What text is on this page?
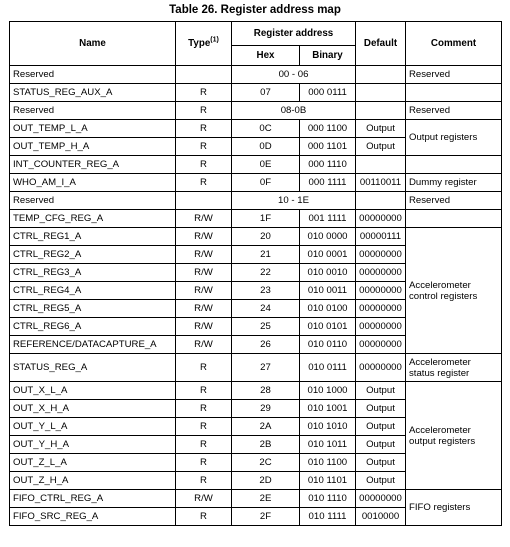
Table 26. Register address map
Name	Type$^{(1)}$	Register address		Default	Comment
		Hex	Binary		
Reserved		00 - 06			Reserved
STATUS_REG_AUX_A	R	07	000 0111		
Reserved	R	08-0B			Reserved
OUT_TEMP_L_A	R	0C	000 1100	Output	Output registers
OUT_TEMP_H_A	R	0D	000 1101	Output	
INT_COUNTER_REG_A	R	0E	000 1110		
WHO_AM_I_A	R	0F	000 1111	00110011	Dummy register
Reserved		10 - 1E			Reserved
TEMP_CFG_REG_A	R/W	1F	001 1111	00000000	
CTRL_REG1_A	R/W	20	010 0000	00000111	Accelerometer control registers
CTRL_REG2_A	R/W	21	010 0001	00000000	
CTRL_REG3_A	R/W	22	010 0010	00000000	
CTRL_REG4_A	R/W	23	010 0011	00000000	
CTRL_REG5_A	R/W	24	010 0100	00000000	
CTRL_REG6_A	R/W	25	010 0101	00000000	
REFERENCE/DATACAPTURE_A	R/W	26	010 0110	00000000	
STATUS_REG_A	R	27	010 0111	00000000	Accelerometer status register
OUT_X_L_A	R	28	010 1000	Output	Accelerometer output registers
OUT_X_H_A	R	29	010 1001	Output	
OUT_Y_L_A	R	2A	010 1010	Output	
OUT_Y_H_A	R	2B	010 1011	Output	
OUT_Z_L_A	R	2C	010 1100	Output	
OUT_Z_H_A	R	2D	010 1101	Output	
FIFO_CTRL_REG_A	R/W	2E	010 1110	00000000	FIFO registers
FIFO_SRC_REG_A	R	2F	010 1111	0010000	
